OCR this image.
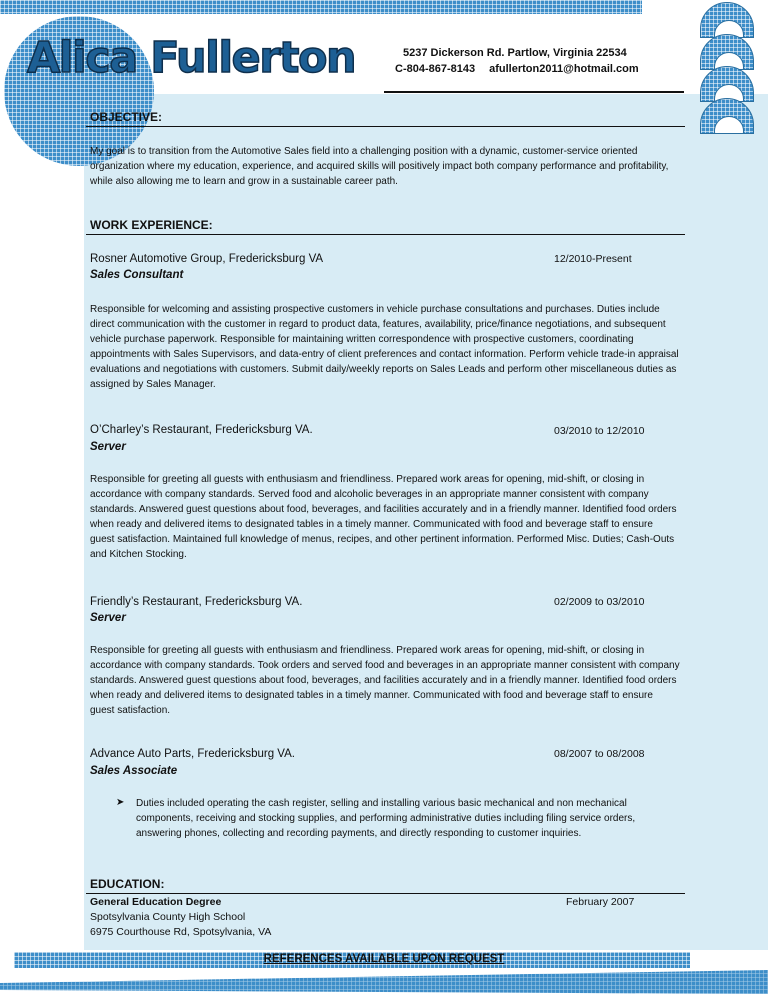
Alica Fullerton	5237 Dickerson Rd. Partlow, Virginia 22534
C-804-867-8143 afullerton2011@hotmail.com
OBJECTIVE:

My goal is to transition from the Automotive Sales field into a challenging position with a dynamic, customer-service oriented organization where my education, experience, and acquired skills will positively impact both company performance and profitability, while also allowing me to learn and grow in a sustainable career path.

WORK EXPERIENCE:

Rosner Automotive Group, Fredericksburg VA

Sales Consultant

12/2010-Present

Responsible for welcoming and assisting prospective customers in vehicle purchase consultations and purchases. Duties include direct communication with the customer in regard to product data, features, availability, price/finance negotiations, and subsequent vehicle purchase paperwork. Responsible for maintaining written correspondence with prospective customers, coordinating appointments with Sales Supervisors, and data-entry of client preferences and contact information. Perform vehicle trade-in appraisal evaluations and negotiations with customers. Submit daily/weekly reports on Sales Leads and perform other miscellaneous duties as assigned by Sales Manager.

O’Charley’s Restaurant, Fredericksburg VA.

Server

03/2010 to 12/2010

Responsible for greeting all guests with enthusiasm and friendliness. Prepared work areas for opening, mid-shift, or closing in accordance with company standards. Served food and alcoholic beverages in an appropriate manner consistent with company standards. Answered guest questions about food, beverages, and facilities accurately and in a friendly manner. Identified food orders when ready and delivered items to designated tables in a timely manner. Communicated with food and beverage staff to ensure guest satisfaction. Maintained full knowledge of menus, recipes, and other pertinent information. Performed Misc. Duties; Cash-Outs and Kitchen Stocking.

Friendly’s Restaurant, Fredericksburg VA.

Server

02/2009 to 03/2010

Responsible for greeting all guests with enthusiasm and friendliness. Prepared work areas for opening, mid-shift, or closing in accordance with company standards. Took orders and served food and beverages in an appropriate manner consistent with company standards. Answered guest questions about food, beverages, and facilities accurately and in a friendly manner. Identified food orders when ready and delivered items to designated tables in a timely manner. Communicated with food and beverage staff to ensure guest satisfaction.

Advance Auto Parts, Fredericksburg VA.

Sales Associate

08/2007 to 08/2008

➤ Duties included operating the cash register, selling and installing various basic mechanical and non mechanical components, receiving and stocking supplies, and performing administrative duties including filing service orders, answering phones, collecting and recording payments, and directly responding to customer inquiries.

EDUCATION:

General Education Degree

Spotsylvania County High School

6975 Courthouse Rd, Spotsylvania, VA

February 2007

REFERENCES AVAILABLE UPON REQUEST
